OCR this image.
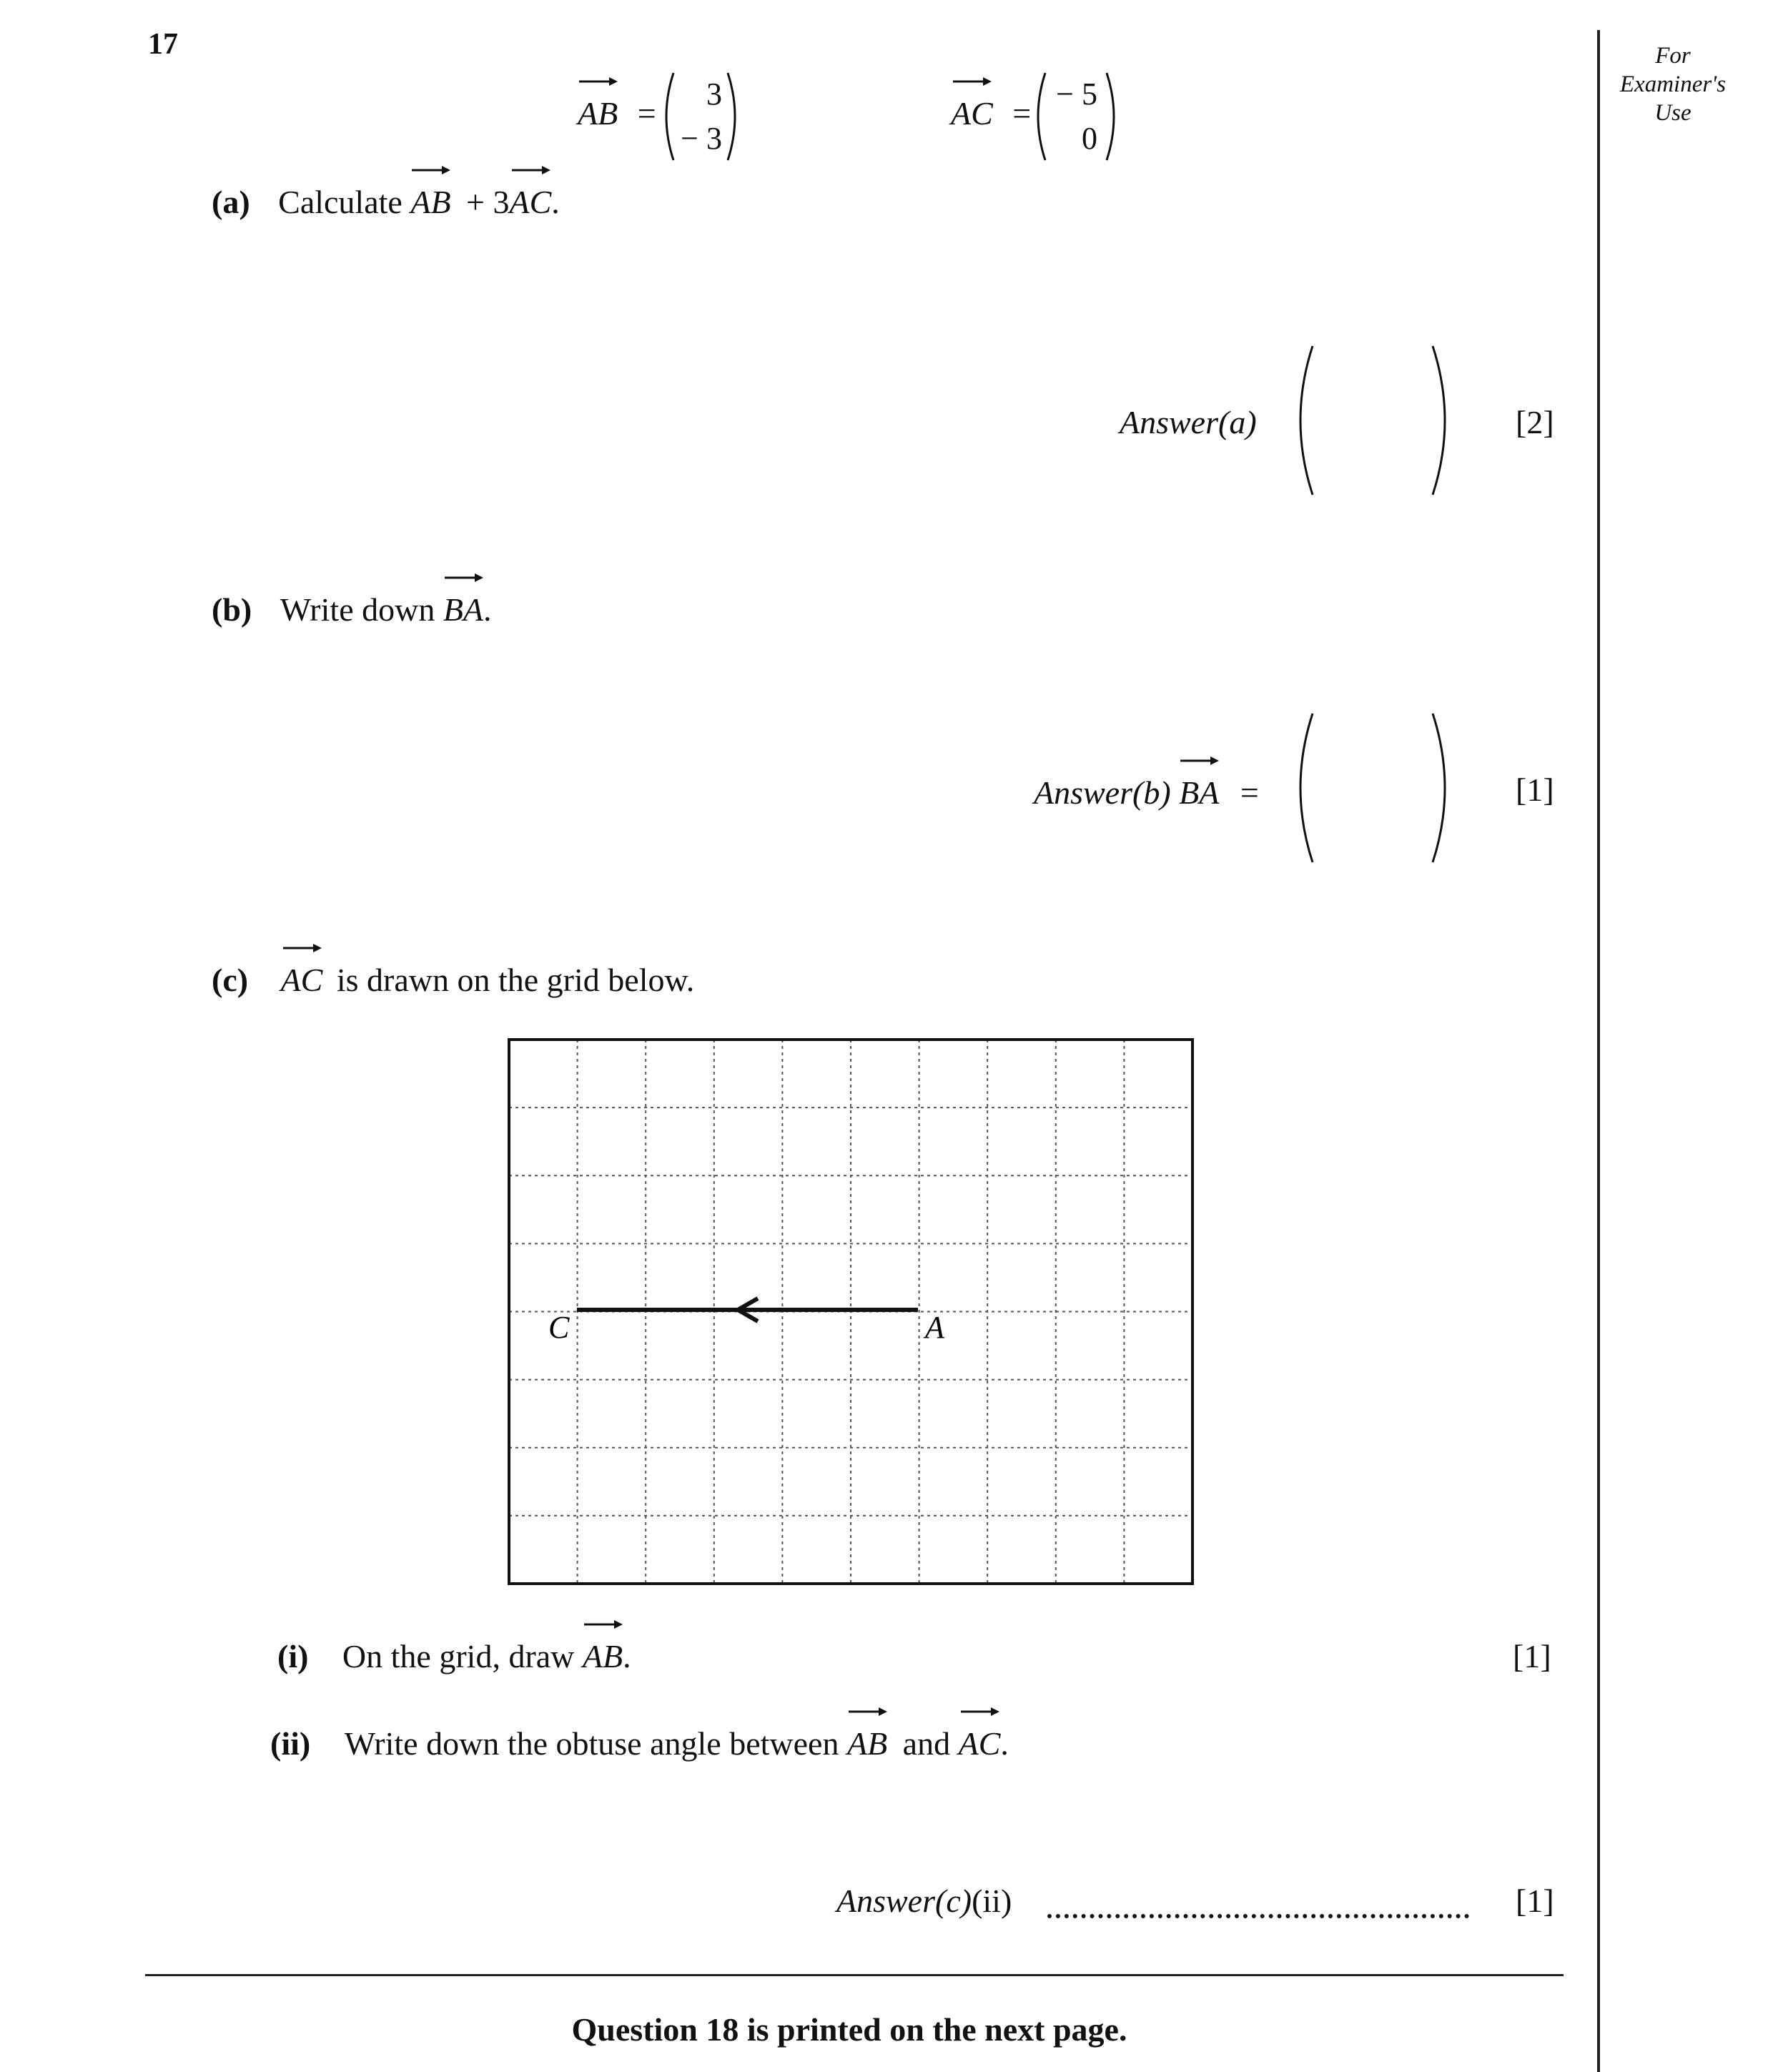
17	For
Examiner's
Use
AB =
3
− 3
AC =
− 5
0
(a) Calculate AB + 3AC
.
Answer(a)	[2]
(b) Write down BA
.
Answer(b) BA =	[1]
(c) AC is drawn on the grid below.
C	A
(i) On the grid, draw AB
.	[1]
(ii) Write down the obtuse angle between AB and AC
.
Answer(c)(ii)	[1]
Question 18 is printed on the next page.
